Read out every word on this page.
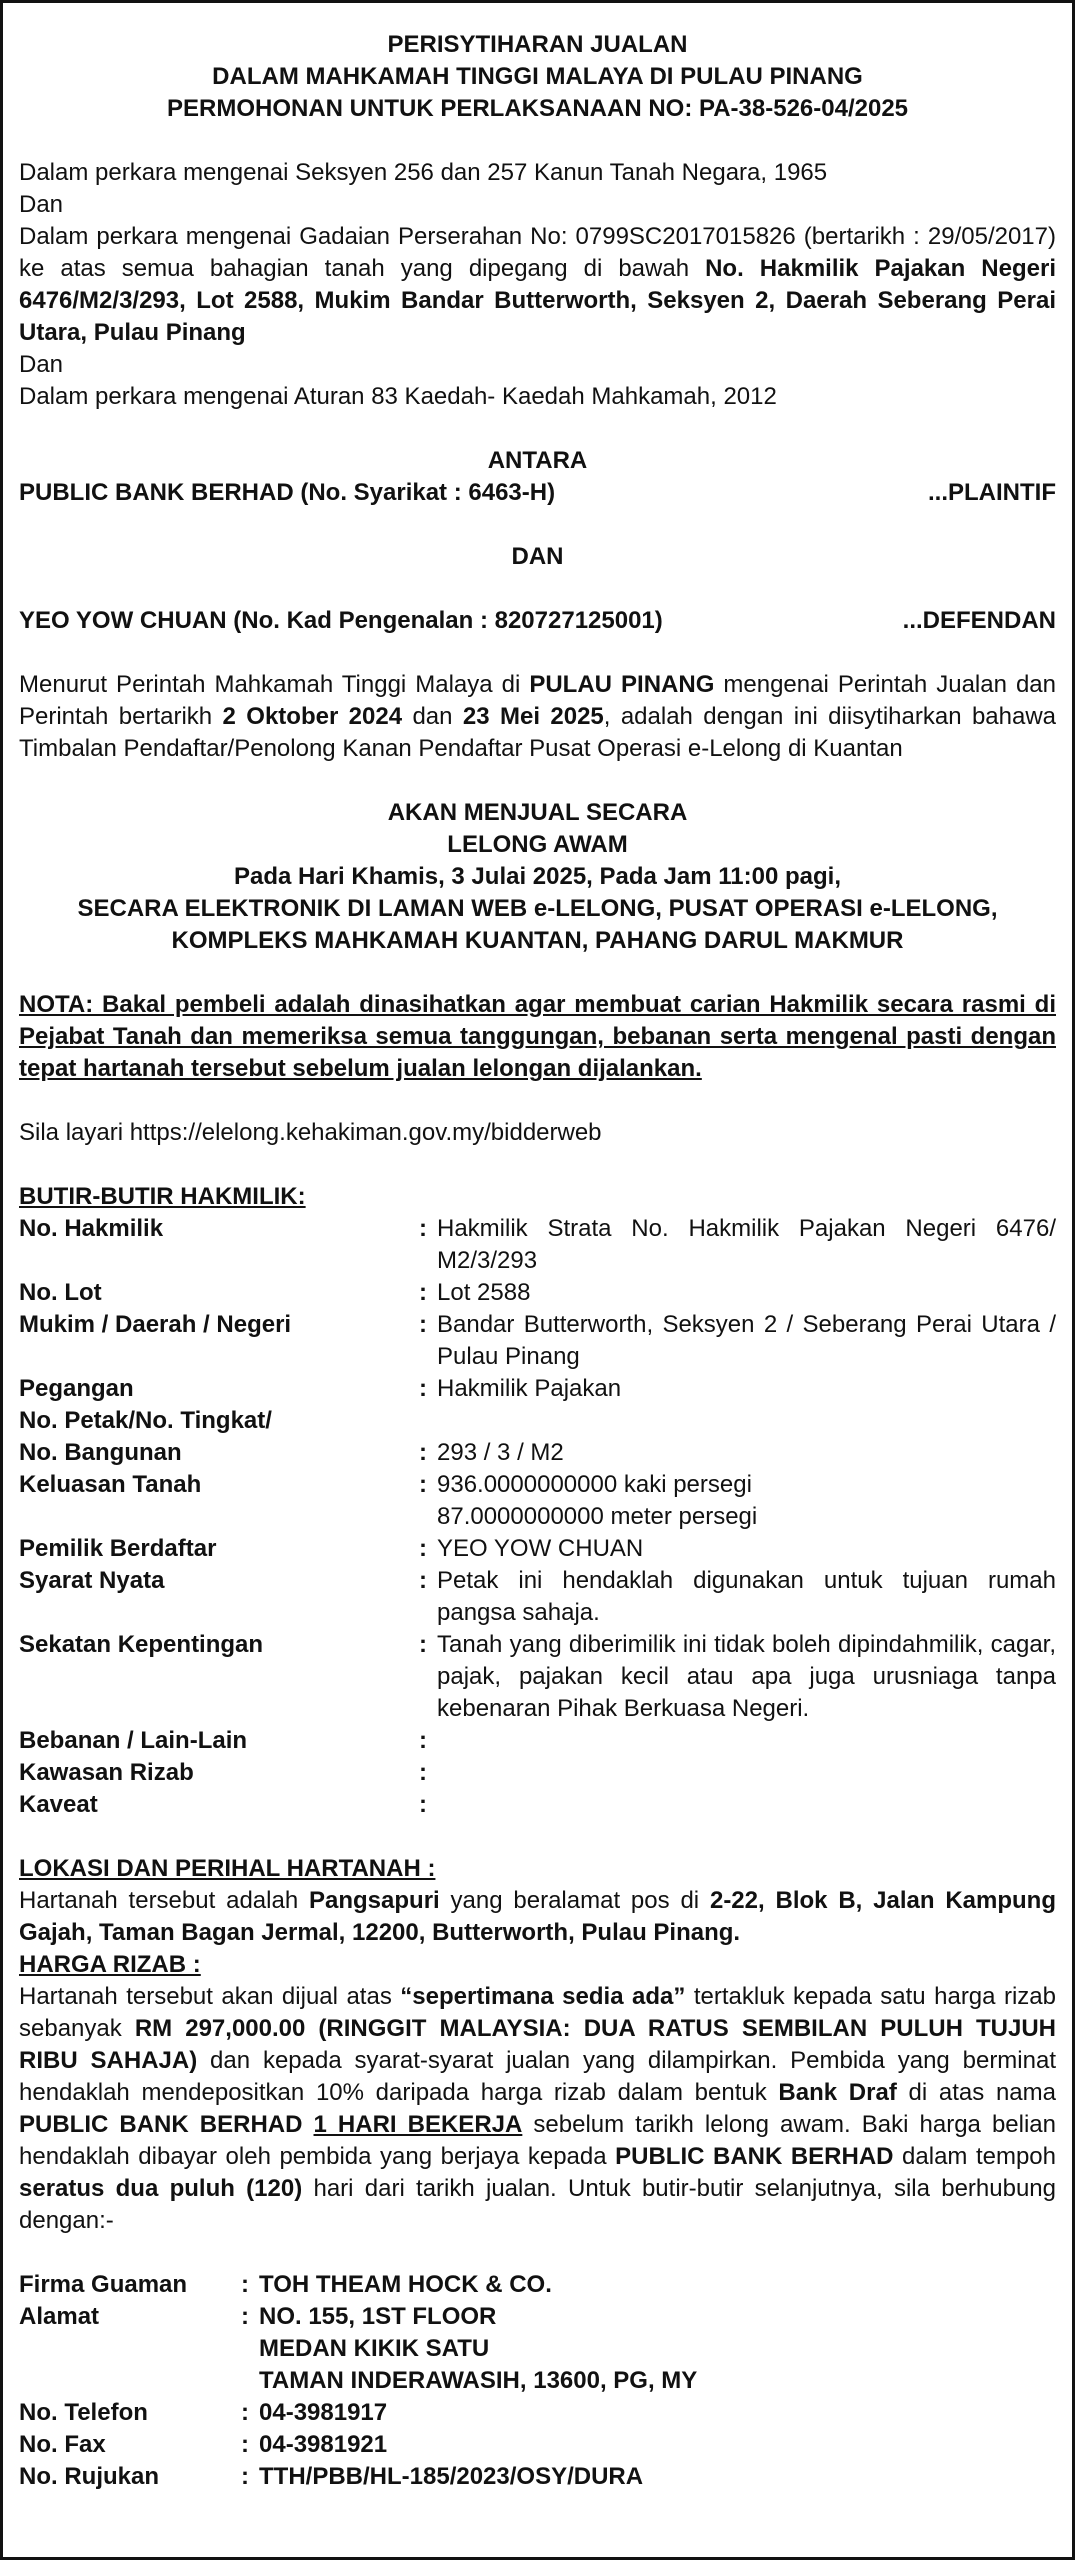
PERISYTIHARAN JUALAN
DALAM MAHKAMAH TINGGI MALAYA DI PULAU PINANG
PERMOHONAN UNTUK PERLAKSANAAN NO: PA-38-526-04/2025

Dalam perkara mengenai Seksyen 256 dan 257 Kanun Tanah Negara, 1965

Dan

Dalam perkara mengenai Gadaian Perserahan No: 0799SC2017015826 (bertarikh : 29/05/2017) ke atas semua bahagian tanah yang dipegang di bawah No. Hakmilik Pajakan Negeri 6476/M2/3/293, Lot 2588, Mukim Bandar Butterworth, Seksyen 2, Daerah Seberang Perai Utara, Pulau Pinang

Dan

Dalam perkara mengenai Aturan 83 Kaedah- Kaedah Mahkamah, 2012

ANTARA
PUBLIC BANK BERHAD (No. Syarikat : 6463-H)	...PLAINTIF
DAN
YEO YOW CHUAN (No. Kad Pengenalan : 820727125001)	...DEFENDAN

Menurut Perintah Mahkamah Tinggi Malaya di PULAU PINANG mengenai Perintah Jualan dan Perintah bertarikh 2 Oktober 2024 dan 23 Mei 2025, adalah dengan ini diisytiharkan bahawa Timbalan Pendaftar/Penolong Kanan Pendaftar Pusat Operasi e-Lelong di Kuantan

AKAN MENJUAL SECARA
LELONG AWAM
Pada Hari Khamis, 3 Julai 2025, Pada Jam 11:00 pagi,
SECARA ELEKTRONIK DI LAMAN WEB e-LELONG, PUSAT OPERASI e-LELONG,
KOMPLEKS MAHKAMAH KUANTAN, PAHANG DARUL MAKMUR

NOTA: Bakal pembeli adalah dinasihatkan agar membuat carian Hakmilik secara rasmi di Pejabat Tanah dan memeriksa semua tanggungan, bebanan serta mengenal pasti dengan tepat hartanah tersebut sebelum jualan lelongan dijalankan.

Sila layari https://elelong.kehakiman.gov.my/bidderweb

BUTIR-BUTIR HAKMILIK:
No. Hakmilik	: Hakmilik Strata No. Hakmilik Pajakan Negeri 6476/ M2/3/293
No. Lot	: Lot 2588
Mukim / Daerah / Negeri	: Bandar Butterworth, Seksyen 2 / Seberang Perai Utara / Pulau Pinang
Pegangan	: Hakmilik Pajakan
No. Petak/No. Tingkat/
No. Bangunan	: 293 / 3 / M2
Keluasan Tanah	: 936.0000000000 kaki persegi
87.0000000000 meter persegi
Pemilik Berdaftar	: YEO YOW CHUAN
Syarat Nyata	: Petak ini hendaklah digunakan untuk tujuan rumah pangsa sahaja.
Sekatan Kepentingan	: Tanah yang diberimilik ini tidak boleh dipindahmilik, cagar, pajak, pajakan kecil atau apa juga urusniaga tanpa kebenaran Pihak Berkuasa Negeri.
Bebanan / Lain-Lain	:
Kawasan Rizab	:
Kaveat	:
LOKASI DAN PERIHAL HARTANAH :

Hartanah tersebut adalah Pangsapuri yang beralamat pos di 2-22, Blok B, Jalan Kampung Gajah, Taman Bagan Jermal, 12200, Butterworth, Pulau Pinang.

HARGA RIZAB :

Hartanah tersebut akan dijual atas “sepertimana sedia ada” tertakluk kepada satu harga rizab sebanyak RM 297,000.00 (RINGGIT MALAYSIA: DUA RATUS SEMBILAN PULUH TUJUH RIBU SAHAJA) dan kepada syarat-syarat jualan yang dilampirkan. Pembida yang berminat hendaklah mendepositkan 10% daripada harga rizab dalam bentuk Bank Draf di atas nama PUBLIC BANK BERHAD 1 HARI BEKERJA sebelum tarikh lelong awam. Baki harga belian hendaklah dibayar oleh pembida yang berjaya kepada PUBLIC BANK BERHAD dalam tempoh seratus dua puluh (120) hari dari tarikh jualan. Untuk butir-butir selanjutnya, sila berhubung dengan:-

Firma Guaman	: TOH THEAM HOCK & CO.
Alamat	: NO. 155, 1ST FLOOR
MEDAN KIKIK SATU
TAMAN INDERAWASIH, 13600, PG, MY
No. Telefon	: 04-3981917
No. Fax	: 04-3981921
No. Rujukan	: TTH/PBB/HL-185/2023/OSY/DURA
